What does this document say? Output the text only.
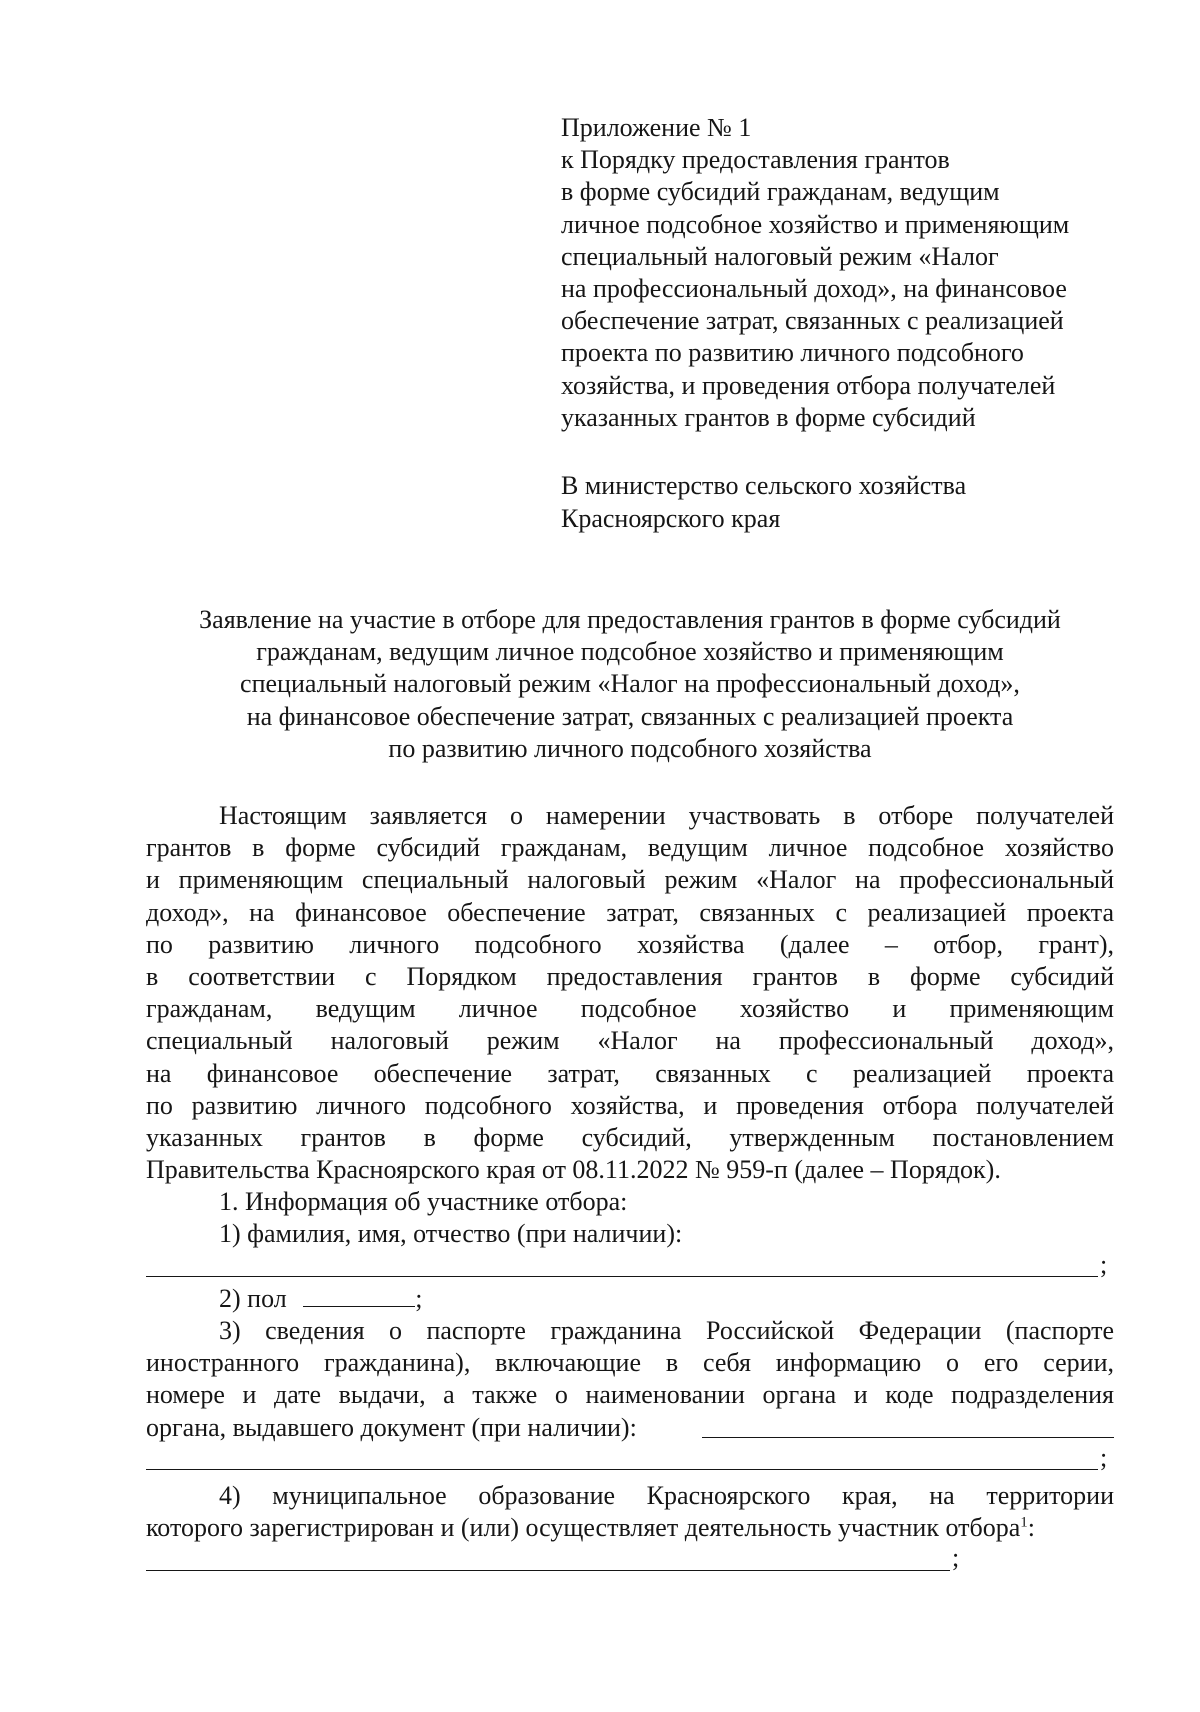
Приложение № 1
к Порядку предоставления грантов
в форме субсидий гражданам, ведущим
личное подсобное хозяйство и применяющим
специальный налоговый режим «Налог
на профессиональный доход», на финансовое
обеспечение затрат, связанных с реализацией
проекта по развитию личного подсобного
хозяйства, и проведения отбора получателей
указанных грантов в форме субсидий
В министерство сельского хозяйства
Красноярского края
Заявление на участие в отборе для предоставления грантов в форме субсидий
гражданам, ведущим личное подсобное хозяйство и применяющим
специальный налоговый режим «Налог на профессиональный доход»,
на финансовое обеспечение затрат, связанных с реализацией проекта
по развитию личного подсобного хозяйства
Настоящим заявляется о намерении участвовать в отборе получателей
грантов в форме субсидий гражданам, ведущим личное подсобное хозяйство
и применяющим специальный налоговый режим «Налог на профессиональный
доход», на финансовое обеспечение затрат, связанных с реализацией проекта
по развитию личного подсобного хозяйства (далее – отбор, грант),
в соответствии с Порядком предоставления грантов в форме субсидий
гражданам, ведущим личное подсобное хозяйство и применяющим
специальный налоговый режим «Налог на профессиональный доход»,
на финансовое обеспечение затрат, связанных с реализацией проекта
по развитию личного подсобного хозяйства, и проведения отбора получателей
указанных грантов в форме субсидий, утвержденным постановлением
Правительства Красноярского края от 08.11.2022 № 959-п (далее – Порядок).
1. Информация об участнике отбора:
1) фамилия, имя, отчество (при наличии):
;
2) пол	;
3) сведения о паспорте гражданина Российской Федерации (паспорте
иностранного гражданина), включающие в себя информацию о его серии,
номере и дате выдачи, а также о наименовании органа и коде подразделения
органа, выдавшего документ (при наличии):
;
4) муниципальное образование Красноярского края, на территории
которого зарегистрирован и (или) осуществляет деятельность участник отбора$^1$:
;
